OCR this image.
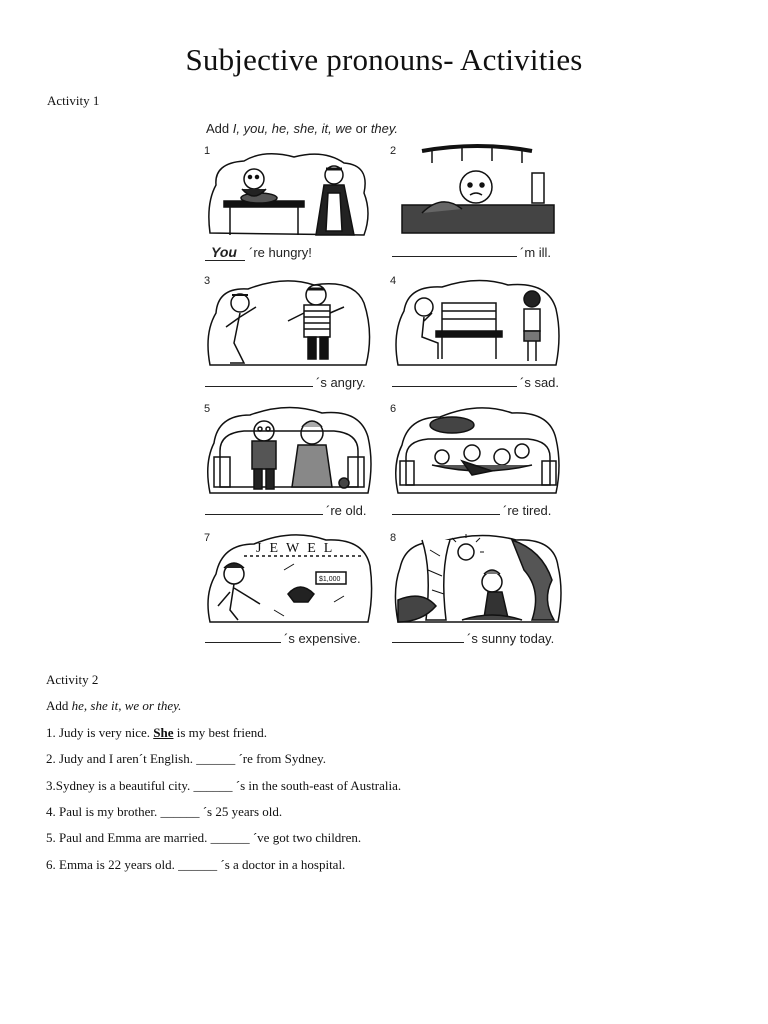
Subjective pronouns- Activities
Activity 1
Add I, you, he, she, it, we or they.
1
You ´re hungry!
2
´m ill.
3
´s angry.
4
´s sad.
5
´re old.
6
´re tired.
7
JEWEL
$1,000
´s expensive.
8
´s sunny today.
Activity 2
Add he, she it, we or they.
1. Judy is very nice. She is my best friend.
2. Judy and I aren´t English. ______ ´re from Sydney.
3.Sydney is a beautiful city. ______ ´s in the south-east of Australia.
4. Paul is my brother. ______ ´s 25 years old.
5. Paul and Emma are married. ______ ´ve got two children.
6. Emma is 22 years old. ______ ´s a doctor in a hospital.
